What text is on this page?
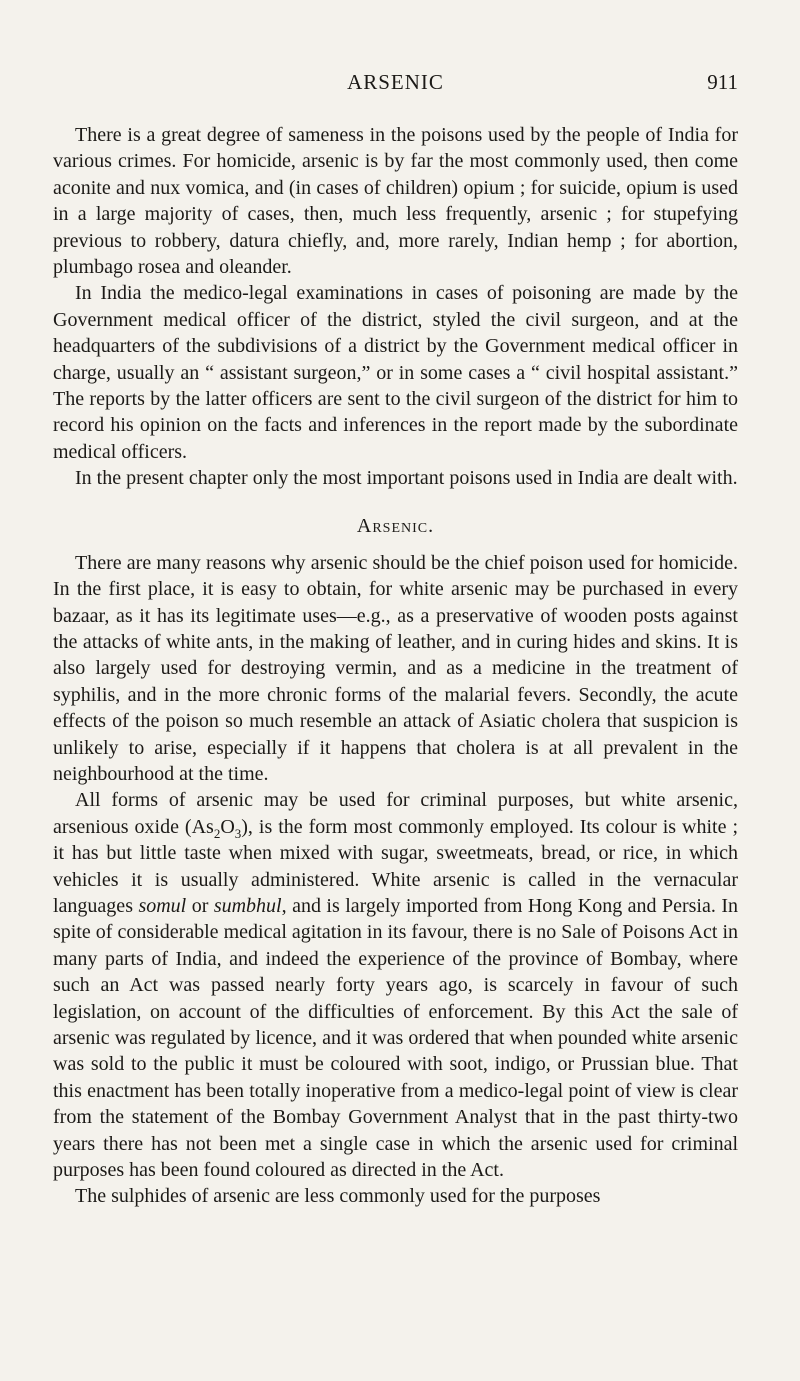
ARSENIC	911

There is a great degree of sameness in the poisons used by the people of India for various crimes. For homicide, arsenic is by far the most commonly used, then come aconite and nux vomica, and (in cases of children) opium ; for suicide, opium is used in a large majority of cases, then, much less frequently, arsenic ; for stupefying previous to robbery, datura chiefly, and, more rarely, Indian hemp ; for abortion, plumbago rosea and oleander.

In India the medico-legal examinations in cases of poisoning are made by the Government medical officer of the district, styled the civil surgeon, and at the headquarters of the subdivisions of a district by the Government medical officer in charge, usually an “ assistant surgeon,” or in some cases a “ civil hospital assistant.” The reports by the latter officers are sent to the civil surgeon of the district for him to record his opinion on the facts and inferences in the report made by the subordinate medical officers.

In the present chapter only the most important poisons used in India are dealt with.

Arsenic.

There are many reasons why arsenic should be the chief poison used for homicide. In the first place, it is easy to obtain, for white arsenic may be purchased in every bazaar, as it has its legitimate uses—e.g., as a preservative of wooden posts against the attacks of white ants, in the making of leather, and in curing hides and skins. It is also largely used for destroying vermin, and as a medicine in the treatment of syphilis, and in the more chronic forms of the malarial fevers. Secondly, the acute effects of the poison so much resemble an attack of Asiatic cholera that suspicion is unlikely to arise, especially if it happens that cholera is at all prevalent in the neighbourhood at the time.

All forms of arsenic may be used for criminal purposes, but white arsenic, arsenious oxide $(As_2O_3)$, is the form most commonly employed. Its colour is white ; it has but little taste when mixed with sugar, sweetmeats, bread, or rice, in which vehicles it is usually administered. White arsenic is called in the vernacular languages somul or sumbhul, and is largely imported from Hong Kong and Persia. In spite of considerable medical agitation in its favour, there is no Sale of Poisons Act in many parts of India, and indeed the experience of the province of Bombay, where such an Act was passed nearly forty years ago, is scarcely in favour of such legislation, on account of the difficulties of enforcement. By this Act the sale of arsenic was regulated by licence, and it was ordered that when pounded white arsenic was sold to the public it must be coloured with soot, indigo, or Prussian blue. That this enactment has been totally inoperative from a medico-legal point of view is clear from the statement of the Bombay Government Analyst that in the past thirty-two years there has not been met a single case in which the arsenic used for criminal purposes has been found coloured as directed in the Act.

The sulphides of arsenic are less commonly used for the purposes
